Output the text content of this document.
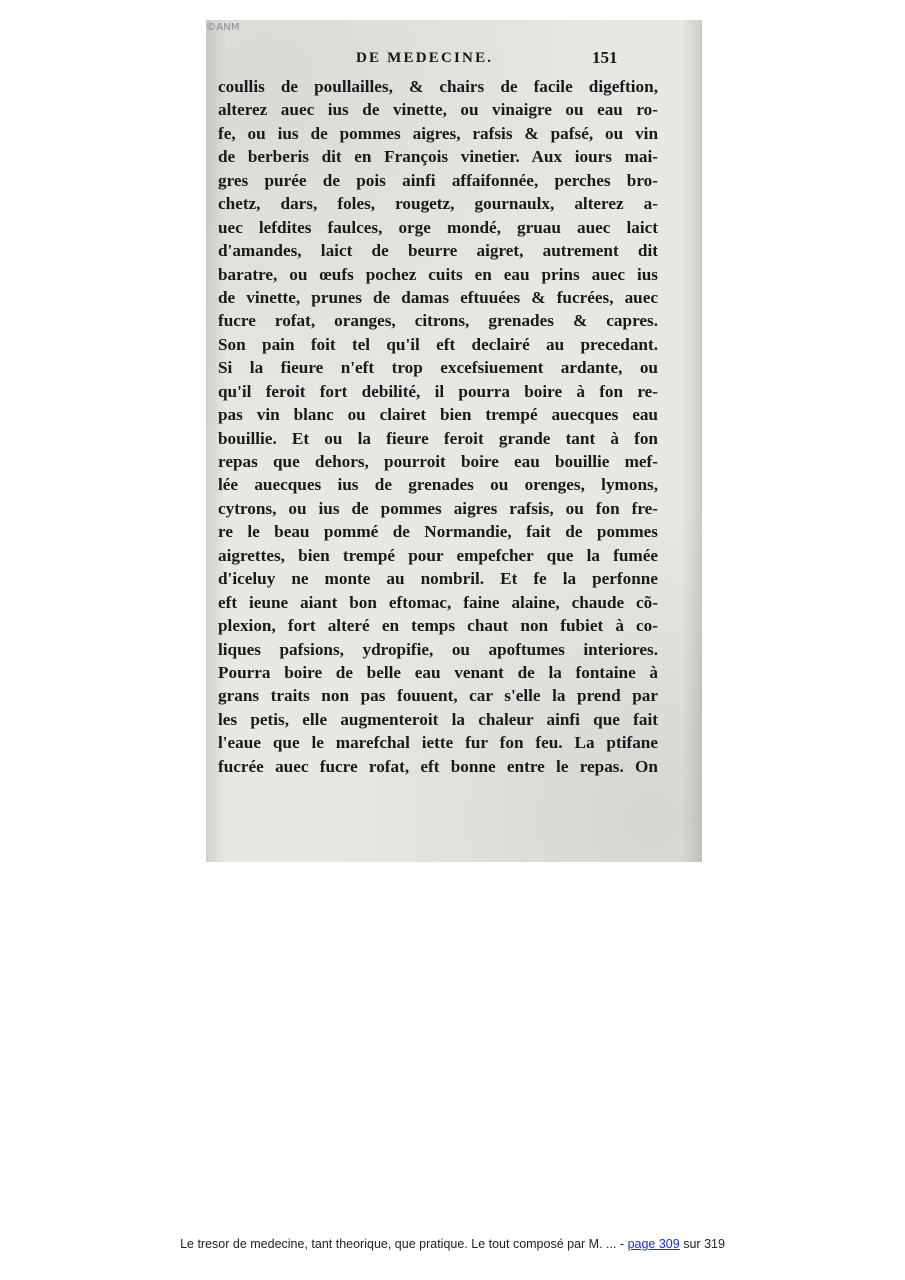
©ANM
DE MEDECINE.	151
coullis de poullailles, & chairs de facile digeftion,
alterez auec ius de vinette, ou vinaigre ou eau ro-
fe, ou ius de pommes aigres, rafsis & pafsé, ou vin
de berberis dit en François vinetier. Aux iours mai-
gres purée de pois ainfi affaifonnée, perches bro-
chetz, dars, foles, rougetz, gournaulx, alterez a-
uec lefdites faulces, orge mondé, gruau auec laict
d'amandes, laict de beurre aigret, autrement dit
baratre, ou œufs pochez cuits en eau prins auec ius
de vinette, prunes de damas eftuuées & fucrées, auec
fucre rofat, oranges, citrons, grenades & capres.
Son pain foit tel qu'il eft declairé au precedant.
Si la fieure n'eft trop excefsiuement ardante, ou
qu'il feroit fort debilité, il pourra boire à fon re-
pas vin blanc ou clairet bien trempé auecques eau
bouillie. Et ou la fieure feroit grande tant à fon
repas que dehors, pourroit boire eau bouillie mef-
lée auecques ius de grenades ou orenges, lymons,
cytrons, ou ius de pommes aigres rafsis, ou fon fre-
re le beau pommé de Normandie, fait de pommes
aigrettes, bien trempé pour empefcher que la fumée
d'iceluy ne monte au nombril. Et fe la perfonne
eft ieune aiant bon eftomac, faine alaine, chaude cõ-
plexion, fort alteré en temps chaut non fubiet à co-
liques pafsions, ydropifie, ou apoftumes interiores.
Pourra boire de belle eau venant de la fontaine à
grans traits non pas fouuent, car s'elle la prend par
les petis, elle augmenteroit la chaleur ainfi que fait
l'eaue que le marefchal iette fur fon feu. La ptifane
fucrée auec fucre rofat, eft bonne entre le repas. On
Le tresor de medecine, tant theorique, que pratique. Le tout composé par M. ... - page 309 sur 319
